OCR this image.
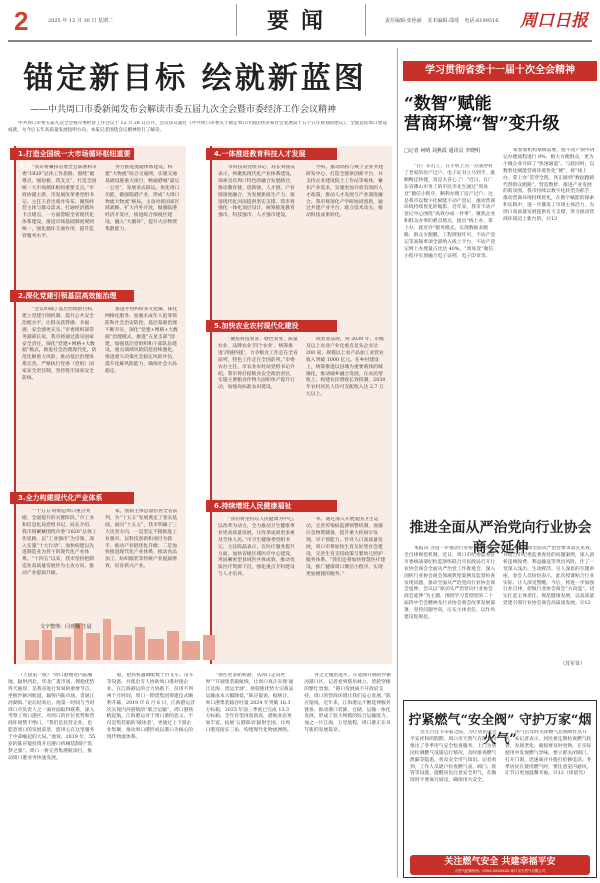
2	2025 年 12 月 30 日 星期二	要闻	责任编辑:张艳丽 美术编辑:邵琦 电话:6199516 周口日报
锚定新目标 绘就新蓝图
——中共周口市委新闻发布会解读市委五届九次全会暨市委经济工作会议精神
中共周口市委五届九次全会暨市委经济工作会议于 12 月 28 日召开。会议审议通过《中共周口市委关于制定周口市国民经济和社会发展第十五个五年规划的建议》，全面总结周口建设成就，为今后五年高质量发展指明方向。本报记者围绕会议精神进行了解读。
1.打造全国统一大市场循环枢纽重要支点 “我市将紧扣省委全会部署和市委“1820”总体工作思路，围绕“破难点、强短板、筑支点”，打造全国统一大市场循环枢纽重要支点。”市政协副主席、市发展改革委党组书记、主任王君出席并发布。聚焦经营主体与群众需求，打通经济循环卡点堵点，一方面着眼全省现代化体系建设，推进市场基础制度规则统一，强化循环互通作用，提升监管服务水平。

努力推进流通体系建设。构建“大物流”综合交通网，实施交通基础设施重大项目，畅通港城“最后一公里”，发展多式联运。优化周口功能，做强临港产业，形成“大周口物流大物流”格局。主动对接国家区域战略，扩大内外开放，做强临港经济开发区，推进综合保税区建设，融入“大循环”，提升大宗物资集散能力。

2.深化党建引领基层高效能治理

“会议明确了基层治理新目标，建立党建引领机制，提升公共安全治理水平，让群众获得感、幸福感、安全感更充实。”市委组织部常务副部长说，我市将通过落实国家安全责任，探化“党建+网格+大数据”模式，推进社会治理现代化，防范化解重大风险，推动基层治理体系完善。严格执行党委（党组）国家安全责任制，坚持筑牢国家安全防线。

推进矛盾纠纷多元化解，探化网格化服务，加强未成年人犯罪预防和社会治安防控。基层基础治理不断夯实，深化“党建+网格+大数据”治理模式，推进“五星支部”创建，加强基层党组织和干部队伍建设。重点领域风险防范持续强化，推进重大决策社会稳定风险评估，提升化解风险能力，确保社会大局稳定。

3.全力构建现代化产业体系

“‘十五五’时期是周口重点突破、全面提升的关键阶段。”市工业和信息化局党组书记、局长介绍，我市将紧紧围绕市委“1820”总体工作思路，以“工业强市”为引领，深入实施“十大行动”，加快构建以先进制造业为骨干的现代化产业体系。“十四五”以来，我市坚持把制造业高质量发展作为主攻方向，推动产业提质升级。

家，创新主体总量位居全省前列，为“十五五”发展奠定了坚实基础。面向“十五五”，我市明确了三大攻坚方向，一是坚定不移推进工业强市，以科技创新和项目为抓手，推动产业链优化升级；二是加快推进现代化产业体系，推动食品加工、纺织服装等传统产业提质增效，培育新兴产业。

4.一体推进教育科技人才发展

市科技局党组书记、局长刘国庆表示，将聚焦现代化产业体系建设，探索具有周口特色的融合发展路径，推动教育链、创新链、人才链、产业链深度融合，为发展新质生产力、推进现代化河南提供坚实支撑。我市将强化一体化顶层设计，统筹推进教育强市，科技强市、人才强市建设。

学科，推动高校与规上企业共建研发中心，打造全链条创新平台，并支持企业建设院士工作站等载体，紧扣产业需求，实施更加开放有效的人才政策，推动人才发展与产业深度融合。我市将深化产学研协同创新，通过共建产业平台、联合技术攻关，推动科技成果转化。

5.加快农业农村现代化建设

“聚焦科技农业、绿色农业、质量农业、品牌农业‘四个农业’，统筹推进‘四链四提’，力争粮食工作走在全省前列，特色工作走在全国前列。”市委农办主任、市农业农村局党组书记介绍，我市将扛稳粮食安全政治责任，实施主要粮食作物大面积单产提升行动，加强高标准农田建设。

域农业品牌，到 2030 年，市级及以上农业产业化重点龙头企业达 200 家，规模以上农产品加工业营业收入突破 1000 亿元。在乡村建设上，统筹推进以县城为重要载体的城镇化，推动城乡融合发展。在农民增收上，构建农民增收长效机制，2030 年农村居民人均可支配收入达 2.7 万元以上。

6.持续增进人民健康福祉

“我们将坚持以人民健康为中心，以改革为动力，全力推动卫生健康事业更高质量发展，让改革成果更多惠及全体人民。”市卫生健康委党组书记、主任陈磊表示，在医疗服务提升方面，加快省级区域医疗中心建设，巩固紧密型县域医共体成效，推动优质医疗资源下沉，强化重点专科建设与人才培养。

率，通过深入开展爱国卫生运动，完善传染病监测预警机制，加强应急物资储备，提升重大疾病早发现、早干预能力。针对人口高质量发展，周口市将加快生育友好型社会建设，完善生育支持政策与婴幼儿照护服务体系。“我们还将加快智慧医疗建设，推广健康周口微信小程序，实现更加便捷的服务。”

文字整理：闫亚楠 王晨

（上接第一版）“周口港地处内陆腹地，辐射西北、华北广袤市场，拥抱优势得天独厚，是我省进行贸易的重要节点，坐拥沙颍河航道，辐射内陆市场，贯通江河湖海。”论坛结束后，他第一时间与当时周口市负责人之一面对面取得联系，深入考察了周口港区，对周口的区位优势和营商环境赞不绝口。“我们是民营企业，也愿意周口的发展前景，愿用心在这里服务于中部崛起的大局。”他说，2019 年，55 岁的陈应锟投资开启港口机械装卸的“筑梦之旅”。周口一将完善集港航项目，推动周口港业务快速发展。

船，抢抓机遇调配数十台叉车、吊车等设备，并派出专人协助周口港对接企业。在江海港运的合力协助下，仅用不到两个月时间，周口一期货集团筹建仪式顺利开幕，2019 年 6 月 6 日，江海港运首次实现内河港航的“联合运输”，周口港扬帆起航。江海港运对于周口港的意义，不仅是集装箱的‘破冰者’，更通过上下游企业集聚，推动周口港形成以港口为核心的现代物流体系。

“那些更多船和港，从周口走向世界”“开通集装箱航线，让周口真正实现‘通江达海、货运全球’，将促使优势大宗商品运输成本大幅降低，”陈应锟说。据统计，周口港集装箱吞吐量 2024 年突破 16.3 万标箱，2025 年前三季度已完成 13.3 万标箱。全年有望再创新高，港航业态更加丰富，拓展‘五港联动’辐射全国，让周口港连接长三角，构建现代化物流网络。

各之无愧的进步。在宽阔开阔的沙颍河港口区，记者看到塔吊林立、货轮穿梭的繁忙景象。“港口发展离不开政府支持，周口的营商环境让我们安心发展。”陈应锟说。近年来，江海港运不断延伸服务链条，推动港口装卸、仓储、运输一体化发展，形成了较大规模的综合运输能力。加之一片江海，万里航程，周口港正在书写新的发展篇章。

学习贯彻省委十一届十次全会精神
“数智”赋能
营商环境“智”变升级
□记者 何晴 刘燕霞 通讯员 李晓明

“在广东打工，在手机上点一点就办好了老家的房产过户，电子证书立马到手，既顺畅还快捷，真是太省心了！”近日，在广东省佛山市务工的市民李先生通过“周易登”微信小程序，顺利办理了房产过户。这是我市以数字化赋能不动产登记、推动营商环境持续优化的缩影。近年来，我市不动产登记中心围绕“高效办成一件事”，聚焦企业和群众办事的难点堵点，推出“线上办、掌上办、就近办”服务模式，实现数据多跑路、群众少跑腿。工程规划许可、不动产登记等高频事项全部纳入线上平台，不动产登记网上办理量占比达 40%。“周易登”微信小程序实现融合电子证照、电子印章等。

家参加机构系统需要，使不动产预申请记办理流程进行 8%，极大方便群众，更为小微企业开辟了“快速通道”。与此同时，以数智化赋能营商环境优化“便”，将“线上办、掌上办”贯穿全程，真正做到“数据跑路代替群众跑路”。营造数智、推进产业发展的新氛围。我市持续以数字化转型为抓手，推动营商环境持续优化，在数字赋能的探索和实践中，进一步激发了市场主体活力，为周口高质量发展提供有力支撑，努力推动营商环境迈上新台阶。⑫13

推进全面从严治党向行业协会商会延伸

本报讯 为进一步推动行业协会商会健全自律规范机制，近日，周口市纪委监委驻市委统战部纪检监察组联合市民政局召开行业协会商会全面从严治党工作推进会，深入剖析行业协会商会领域典型案例及监督检查发现问题，推动全面从严治党向行业协会商会延伸。会议以“驱动从严治党向行业协会商会延伸”为主题，围绕学习贯彻党的二十届四中全会精神及行业协会商会改革发展部署，坚持问题导向，压实主体责任，以作风建设促规范。

持续推动全面从严治党要求落实见效，并结合市纪委监委查处的问题案例，深入剖析违规收费、利益输送等突出风险，作了一堂深入浅出、生动鲜活、引人深思的专题讲座。参会人员纷纷表示，此次授课贴合行业实际、让人深受警醒。今后，将进一步加强行业自律，把做行业协会商会“方向盘”，切实扛起主体责任，规范健康发展，以高质量党建引领行业协会商会高质量发展。⑫12

（苏军奇）
拧紧燃气“安全阀” 守护万家“烟火气”

近元旦佳节来临之际，为让居民度过平安祥和的假期，周口市天然气有限公司推出了冬季用气安全检查服务，上门为居民检测燃气设施运行情况，及时排查燃气泄漏等隐患，普及安全用气知识。记者看到，工作人员逐户检查燃气表、阀门、胶管等设施，提醒居民注意安全用气，在做饭时不要离开厨房，确保用火安全。

用气后及时关闭燃气总阀和灶具开关。本记者表示，居民要定期检查燃气软管，发现老化、破损要及时更换。在实际使用中发现燃气异味，要立即关闭阀门、打开门窗，迅速离开并拨打抢修电话。冬季居民在使用燃气时，要注意室内通风，让节日更加温馨幸福。⑫12（徐晨光）

关注燃气安全 共建幸福平安
天然气抢修热线：0394-XXXXXXX 周口市天然气有限公司
